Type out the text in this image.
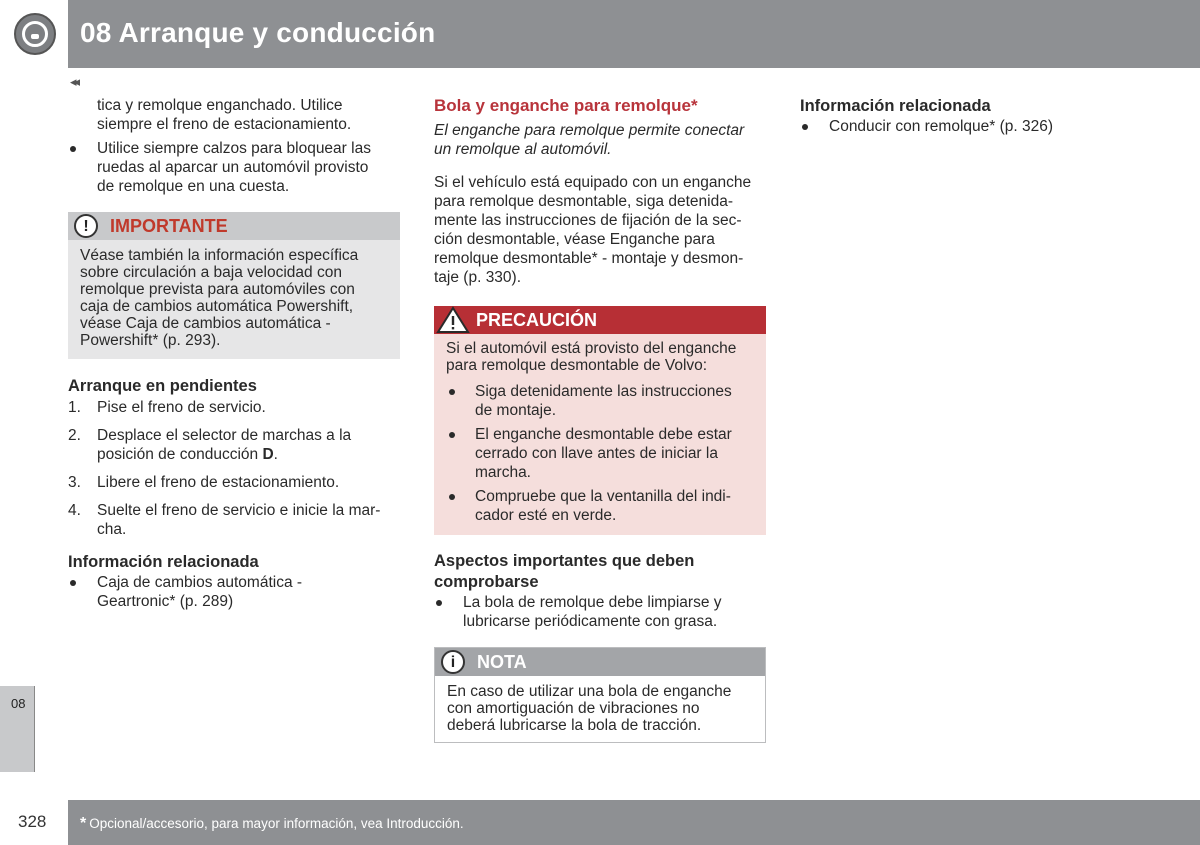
08 Arranque y conducción
◂◂
tica y remolque enganchado. Utilice
siempre el freno de estacionamiento.
Utilice siempre calzos para bloquear las
ruedas al aparcar un automóvil provisto
de remolque en una cuesta.
!	IMPORTANTE
Véase también la información específica
sobre circulación a baja velocidad con
remolque prevista para automóviles con
caja de cambios automática Powershift,
véase Caja de cambios automática -
Powershift* (p. 293).
Arranque en pendientes
1. Pise el freno de servicio.
2. Desplace el selector de marchas a la
posición de conducción D.
3. Libere el freno de estacionamiento.
4. Suelte el freno de servicio e inicie la mar-
cha.
Información relacionada
Caja de cambios automática -
Geartronic* (p. 289)
Bola y enganche para remolque*
El enganche para remolque permite conectar
un remolque al automóvil.
Si el vehículo está equipado con un enganche
para remolque desmontable, siga detenida-
mente las instrucciones de fijación de la sec-
ción desmontable, véase Enganche para
remolque desmontable* - montaje y desmon-
taje (p. 330).
PRECAUCIÓN
Si el automóvil está provisto del enganche
para remolque desmontable de Volvo:
Siga detenidamente las instrucciones
de montaje.
El enganche desmontable debe estar
cerrado con llave antes de iniciar la
marcha.
Compruebe que la ventanilla del indi-
cador esté en verde.
Aspectos importantes que deben
comprobarse
La bola de remolque debe limpiarse y
lubricarse periódicamente con grasa.
i	NOTA
En caso de utilizar una bola de enganche
con amortiguación de vibraciones no
deberá lubricarse la bola de tracción.
Información relacionada
Conducir con remolque* (p. 326)
08
328 * Opcional/accesorio, para mayor información, vea Introducción.
